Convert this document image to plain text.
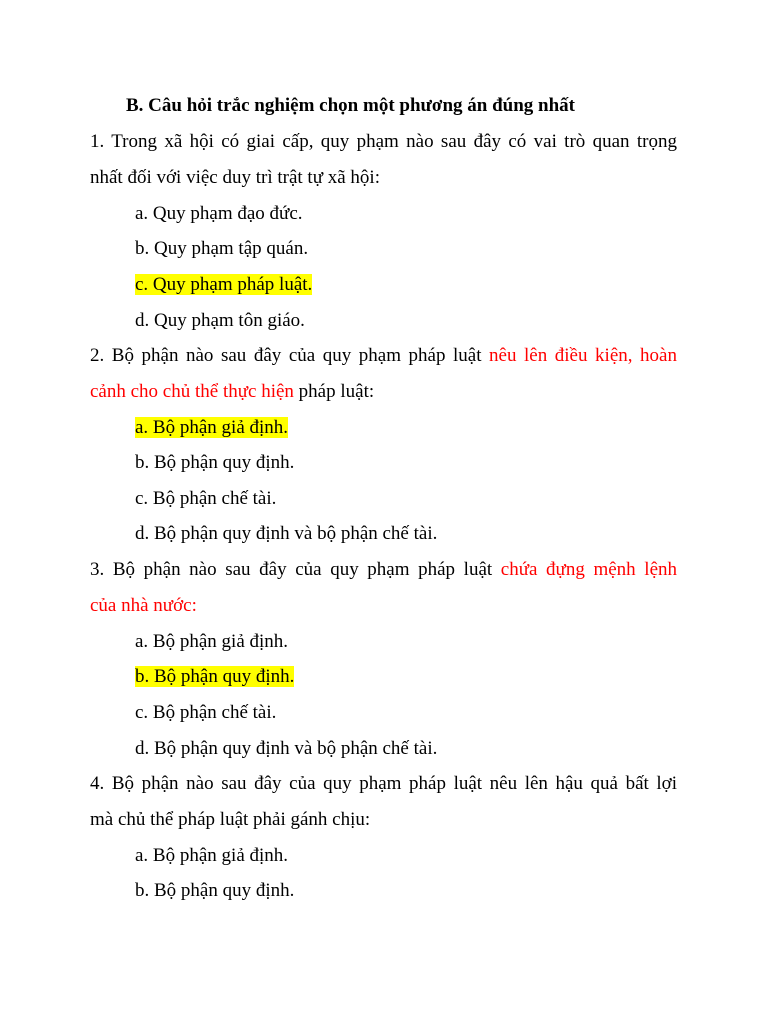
B. Câu hỏi trắc nghiệm chọn một phương án đúng nhất
1. Trong xã hội có giai cấp, quy phạm nào sau đây có vai trò quan trọng
nhất đối với việc duy trì trật tự xã hội:
a. Quy phạm đạo đức.
b. Quy phạm tập quán.
c. Quy phạm pháp luật.
d. Quy phạm tôn giáo.
2. Bộ phận nào sau đây của quy phạm pháp luật nêu lên điều kiện, hoàn
cảnh cho chủ thể thực hiện pháp luật:
a. Bộ phận giả định.
b. Bộ phận quy định.
c. Bộ phận chế tài.
d. Bộ phận quy định và bộ phận chế tài.
3. Bộ phận nào sau đây của quy phạm pháp luật chứa đựng mệnh lệnh
của nhà nước:
a. Bộ phận giả định.
b. Bộ phận quy định.
c. Bộ phận chế tài.
d. Bộ phận quy định và bộ phận chế tài.
4. Bộ phận nào sau đây của quy phạm pháp luật nêu lên hậu quả bất lợi
mà chủ thể pháp luật phải gánh chịu:
a. Bộ phận giả định.
b. Bộ phận quy định.
